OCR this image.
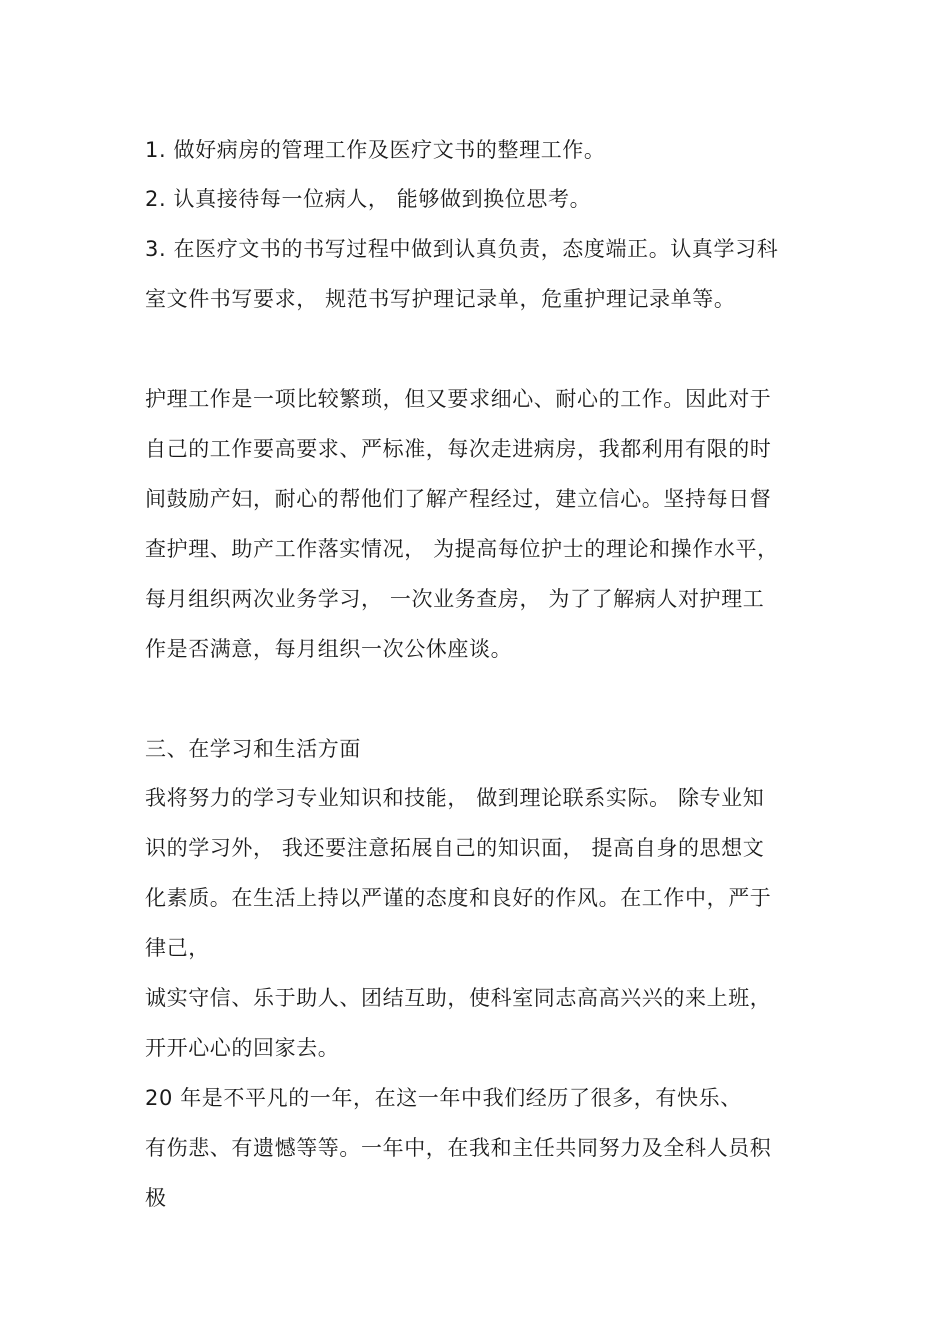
1. 做好病房的管理工作及医疗文书的整理工作。
2. 认真接待每一位病人， 能够做到换位思考。
3. 在医疗文书的书写过程中做到认真负责，态度端正。认真学习科
室文件书写要求， 规范书写护理记录单，危重护理记录单等。
护理工作是一项比较繁琐，但又要求细心、耐心的工作。因此对于
自己的工作要高要求、严标准，每次走进病房，我都利用有限的时
间鼓励产妇，耐心的帮他们了解产程经过，建立信心。坚持每日督
查护理、助产工作落实情况， 为提高每位护士的理论和操作水平，
每月组织两次业务学习， 一次业务查房， 为了了解病人对护理工
作是否满意，每月组织一次公休座谈。
三、在学习和生活方面
我将努力的学习专业知识和技能， 做到理论联系实际。 除专业知
识的学习外， 我还要注意拓展自己的知识面， 提高自身的思想文
化素质。在生活上持以严谨的态度和良好的作风。在工作中，严于
律己，
诚实守信、乐于助人、团结互助，使科室同志高高兴兴的来上班，
开开心心的回家去。
20 年是不平凡的一年，在这一年中我们经历了很多，有快乐、
有伤悲、有遗憾等等。一年中，在我和主任共同努力及全科人员积
极
